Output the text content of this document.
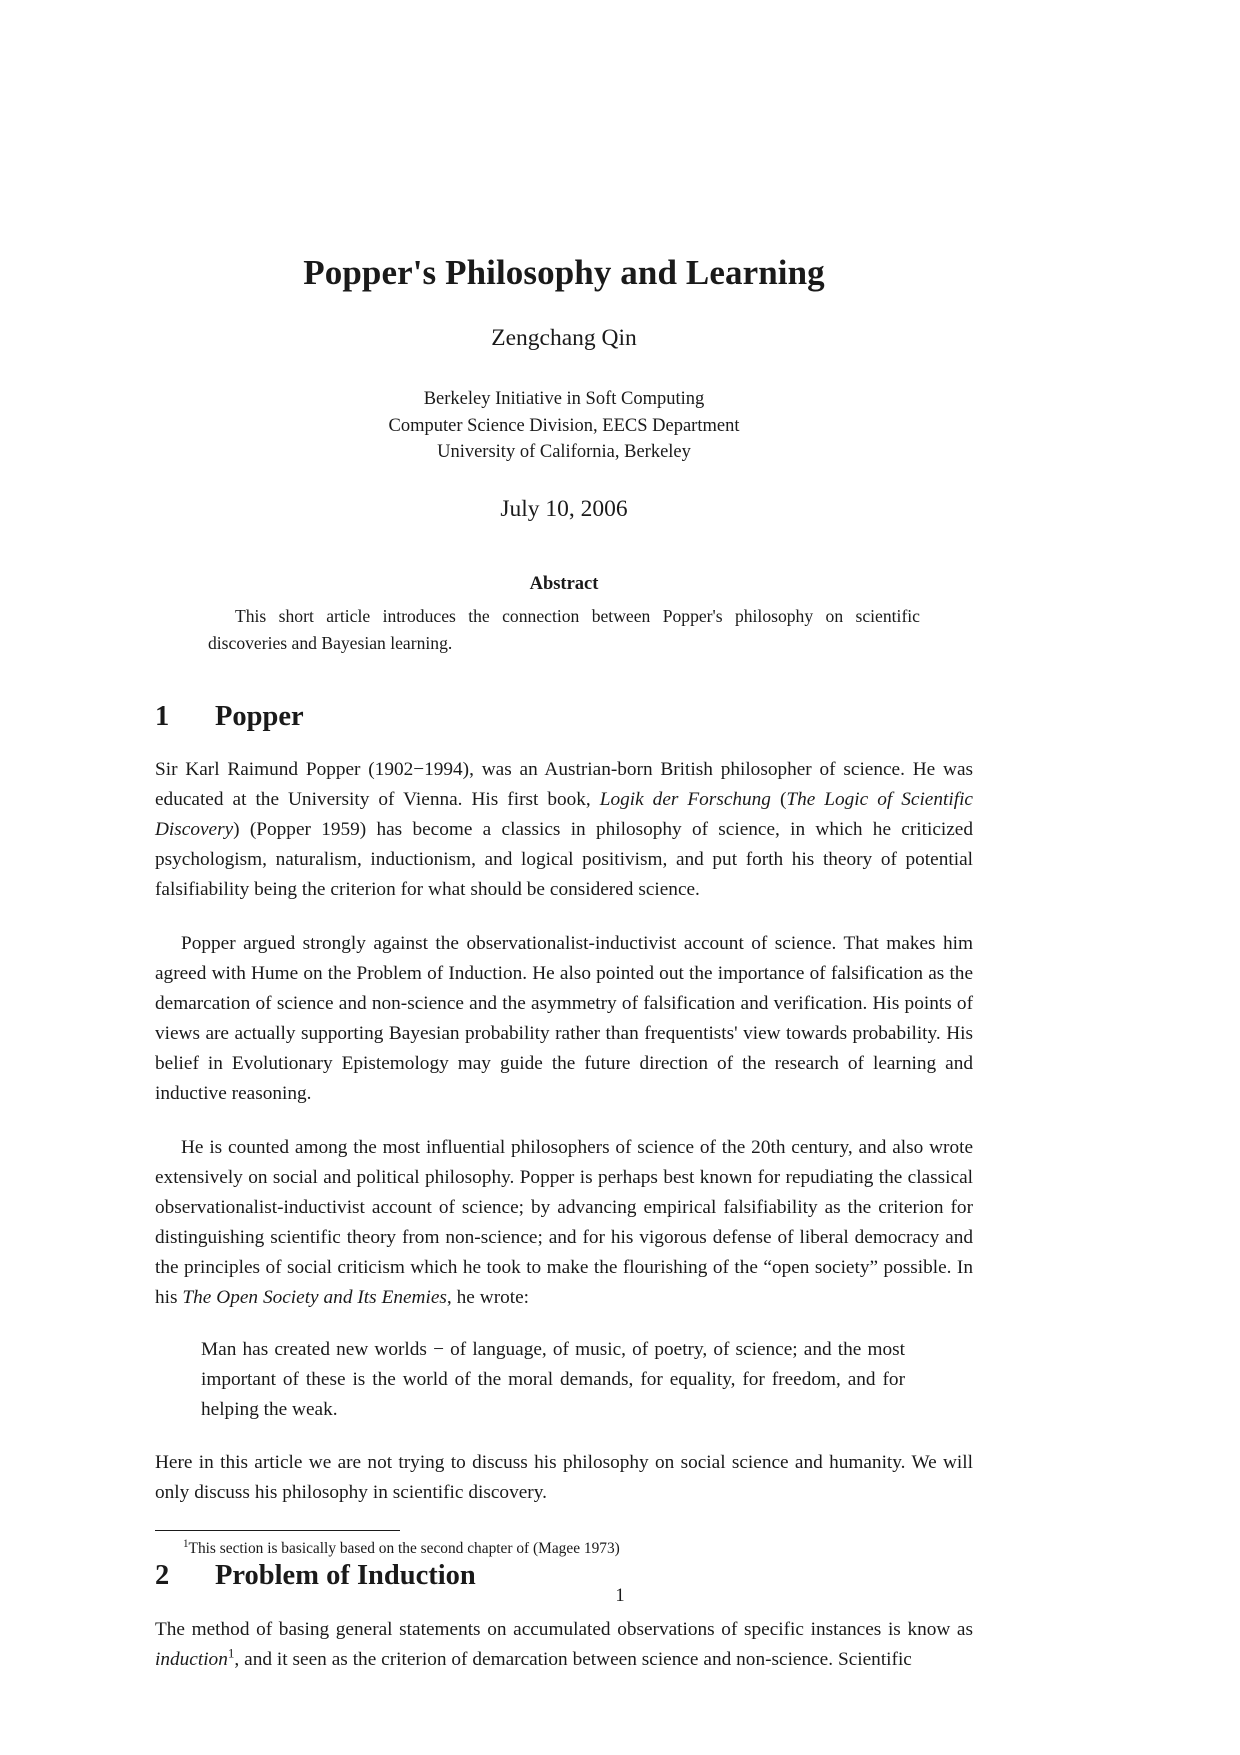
Popper's Philosophy and Learning

Zengchang Qin

Berkeley Initiative in Soft Computing
Computer Science Division, EECS Department
University of California, Berkeley

July 10, 2006

Abstract

This short article introduces the connection between Popper's philosophy on scientific discoveries and Bayesian learning.

1	Popper

Sir Karl Raimund Popper (1902−1994), was an Austrian-born British philosopher of science. He was educated at the University of Vienna. His first book, Logik der Forschung (The Logic of Scientific Discovery) (Popper 1959) has become a classics in philosophy of science, in which he criticized psychologism, naturalism, inductionism, and logical positivism, and put forth his theory of potential falsifiability being the criterion for what should be considered science.

Popper argued strongly against the observationalist-inductivist account of science. That makes him agreed with Hume on the Problem of Induction. He also pointed out the importance of falsification as the demarcation of science and non-science and the asymmetry of falsification and verification. His points of views are actually supporting Bayesian probability rather than frequentists' view towards probability. His belief in Evolutionary Epistemology may guide the future direction of the research of learning and inductive reasoning.

He is counted among the most influential philosophers of science of the 20th century, and also wrote extensively on social and political philosophy. Popper is perhaps best known for repudiating the classical observationalist-inductivist account of science; by advancing empirical falsifiability as the criterion for distinguishing scientific theory from non-science; and for his vigorous defense of liberal democracy and the principles of social criticism which he took to make the flourishing of the “open society” possible. In his The Open Society and Its Enemies, he wrote:

Man has created new worlds − of language, of music, of poetry, of science; and the most important of these is the world of the moral demands, for equality, for freedom, and for helping the weak.

Here in this article we are not trying to discuss his philosophy on social science and humanity. We will only discuss his philosophy in scientific discovery.

2	Problem of Induction

The method of basing general statements on accumulated observations of specific instances is know as induction$^1$, and it seen as the criterion of demarcation between science and non-science. Scientific

$^1$This section is basically based on the second chapter of (Magee 1973)

1
